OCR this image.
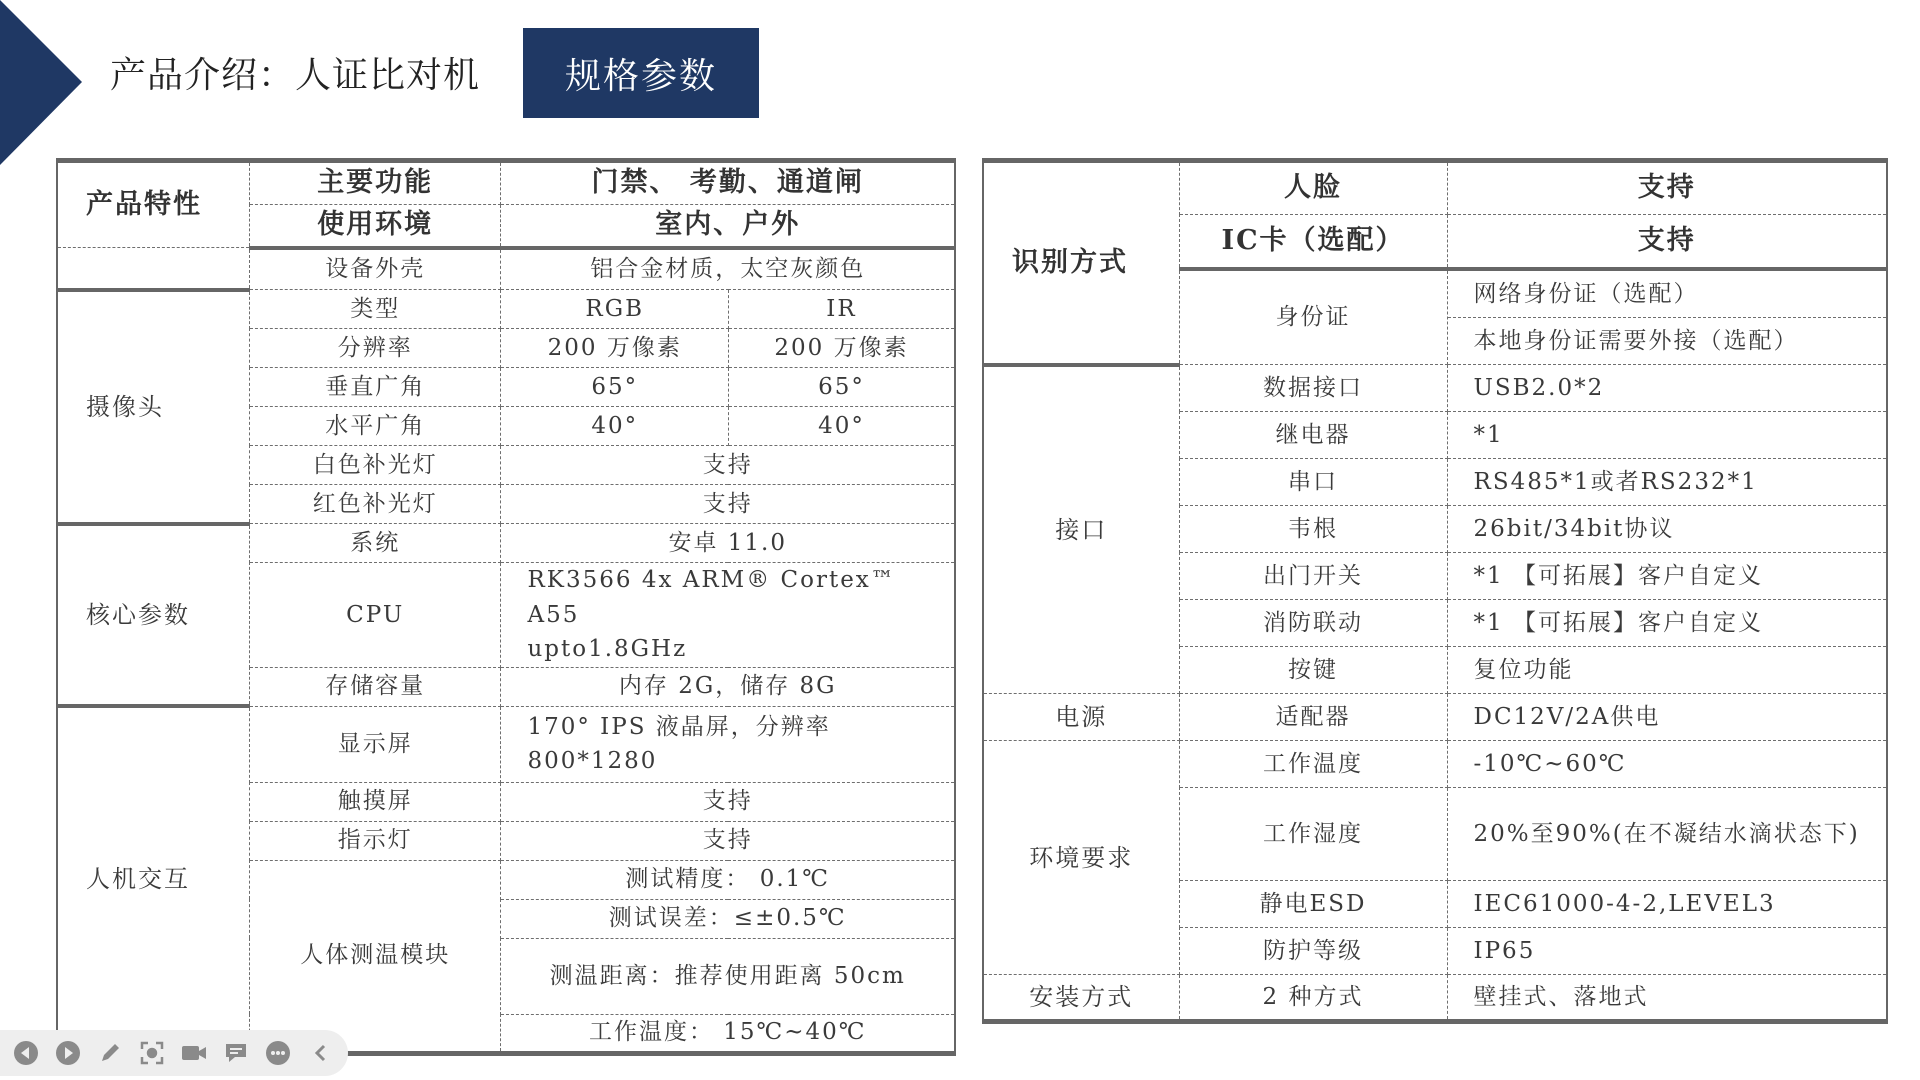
产品介绍：人证比对机	规格参数
产品特性	主要功能	门禁、 考勤、通道闸	
	使用环境	室内、户外	
	设备外壳	铝合金材质，太空灰颜色	
摄像头	类型	RGB	IR
	分辨率	200 万像素	200 万像素
	垂直广角	65°	65°
	水平广角	40°	40°
	白色补光灯	支持	
	红色补光灯	支持	
核心参数	系统	安卓 11.0	
	CPU	RK3566 4x ARM® Cortex™ A55
upto1.8GHz	

	存储容量	内存 2G，储存 8G	
人机交互	显示屏	170° IPS 液晶屏，分辨率
800*1280	

	触摸屏	支持	
	指示灯	支持	
	人体测温模块	测试精度： 0.1℃	
		测试误差：≤±0.5℃	
		测温距离：推荐使用距离 50cm	
		工作温度： 15℃~40℃	
识别方式	人脸	支持
	IC卡（选配）	支持
	身份证	网络身份证（选配）
本地身份证需要外接（选配）

接口	数据接口	USB2.0*2
	继电器	*1
	串口	RS485*1或者RS232*1
	韦根	26bit/34bit协议
	出门开关	*1 【可拓展】客户自定义
	消防联动	*1 【可拓展】客户自定义
	按键	复位功能
电源	适配器	DC12V/2A供电
环境要求	工作温度	-10℃~60℃
	工作湿度	20%至90%(在不凝结水滴状态下)
	静电ESD	IEC61000-4-2,LEVEL3
	防护等级	IP65
安装方式	2 种方式	壁挂式、落地式
